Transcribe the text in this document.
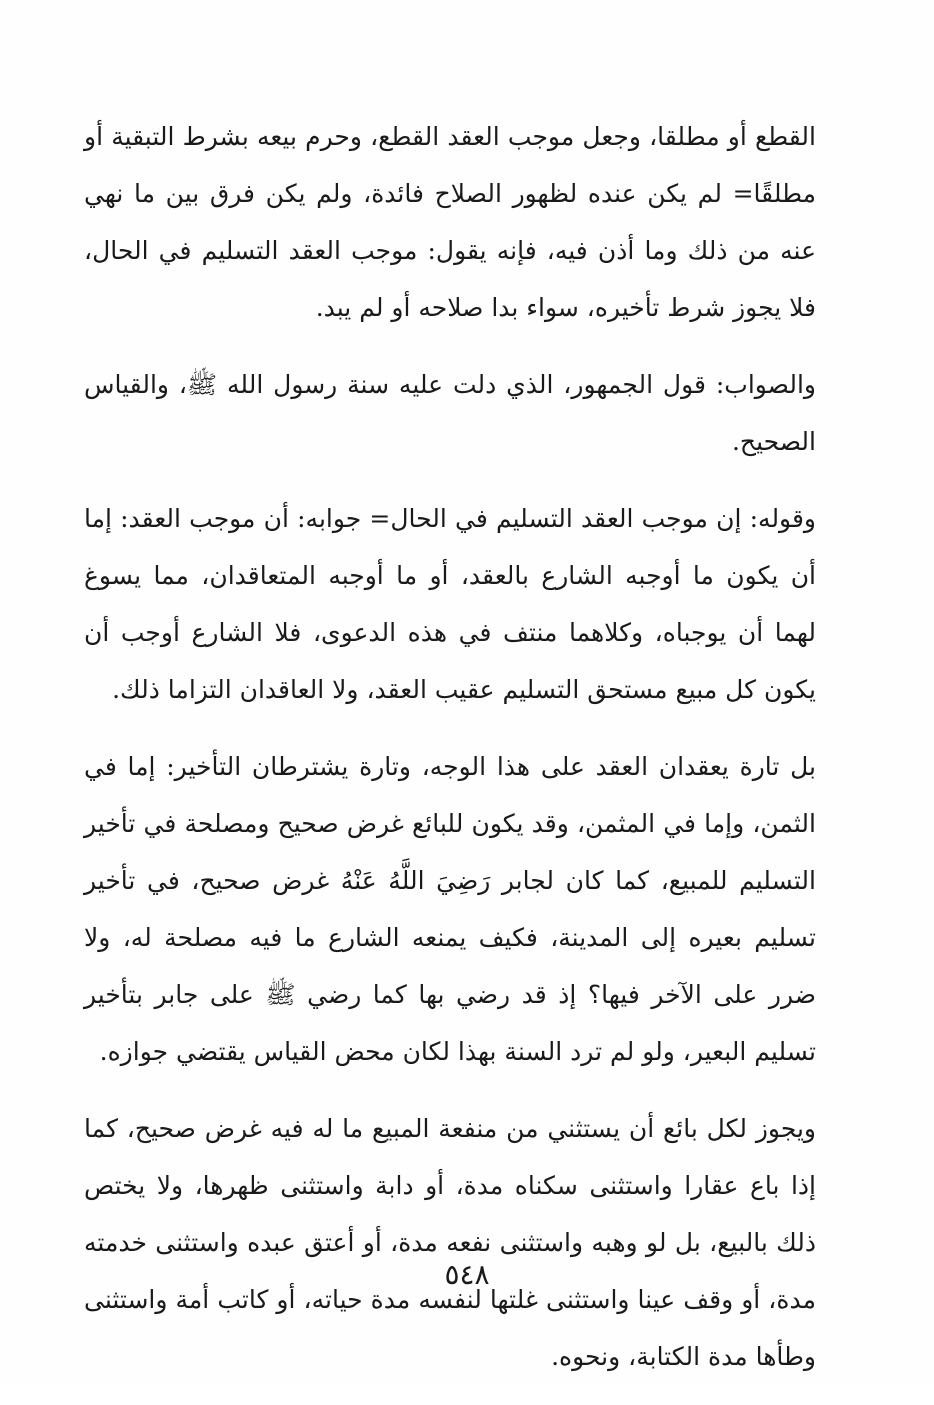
القطع أو مطلقا، وجعل موجب العقد القطع، وحرم بيعه بشرط التبقية أو مطلقًا= لم يكن عنده لظهور الصلاح فائدة، ولم يكن فرق بين ما نهي عنه من ذلك وما أذن فيه، فإنه يقول: موجب العقد التسليم في الحال، فلا يجوز شرط تأخيره، سواء بدا صلاحه أو لم يبد.

والصواب: قول الجمهور، الذي دلت عليه سنة رسول الله ﷺ، والقياس الصحيح.

وقوله: إن موجب العقد التسليم في الحال= جوابه: أن موجب العقد: إما أن يكون ما أوجبه الشارع بالعقد، أو ما أوجبه المتعاقدان، مما يسوغ لهما أن يوجباه، وكلاهما منتف في هذه الدعوى، فلا الشارع أوجب أن يكون كل مبيع مستحق التسليم عقيب العقد، ولا العاقدان التزاما ذلك.

بل تارة يعقدان العقد على هذا الوجه، وتارة يشترطان التأخير: إما في الثمن، وإما في المثمن، وقد يكون للبائع غرض صحيح ومصلحة في تأخير التسليم للمبيع، كما كان لجابر رَضِيَ اللَّهُ عَنْهُ غرض صحيح، في تأخير تسليم بعيره إلى المدينة، فكيف يمنعه الشارع ما فيه مصلحة له، ولا ضرر على الآخر فيها؟ إذ قد رضي بها كما رضي ﷺ على جابر بتأخير تسليم البعير، ولو لم ترد السنة بهذا لكان محض القياس يقتضي جوازه.

ويجوز لكل بائع أن يستثني من منفعة المبيع ما له فيه غرض صحيح، كما إذا باع عقارا واستثنى سكناه مدة، أو دابة واستثنى ظهرها، ولا يختص ذلك بالبيع، بل لو وهبه واستثنى نفعه مدة، أو أعتق عبده واستثنى خدمته مدة، أو وقف عينا واستثنى غلتها لنفسه مدة حياته، أو كاتب أمة واستثنى وطأها مدة الكتابة، ونحوه.

٥٤٨
